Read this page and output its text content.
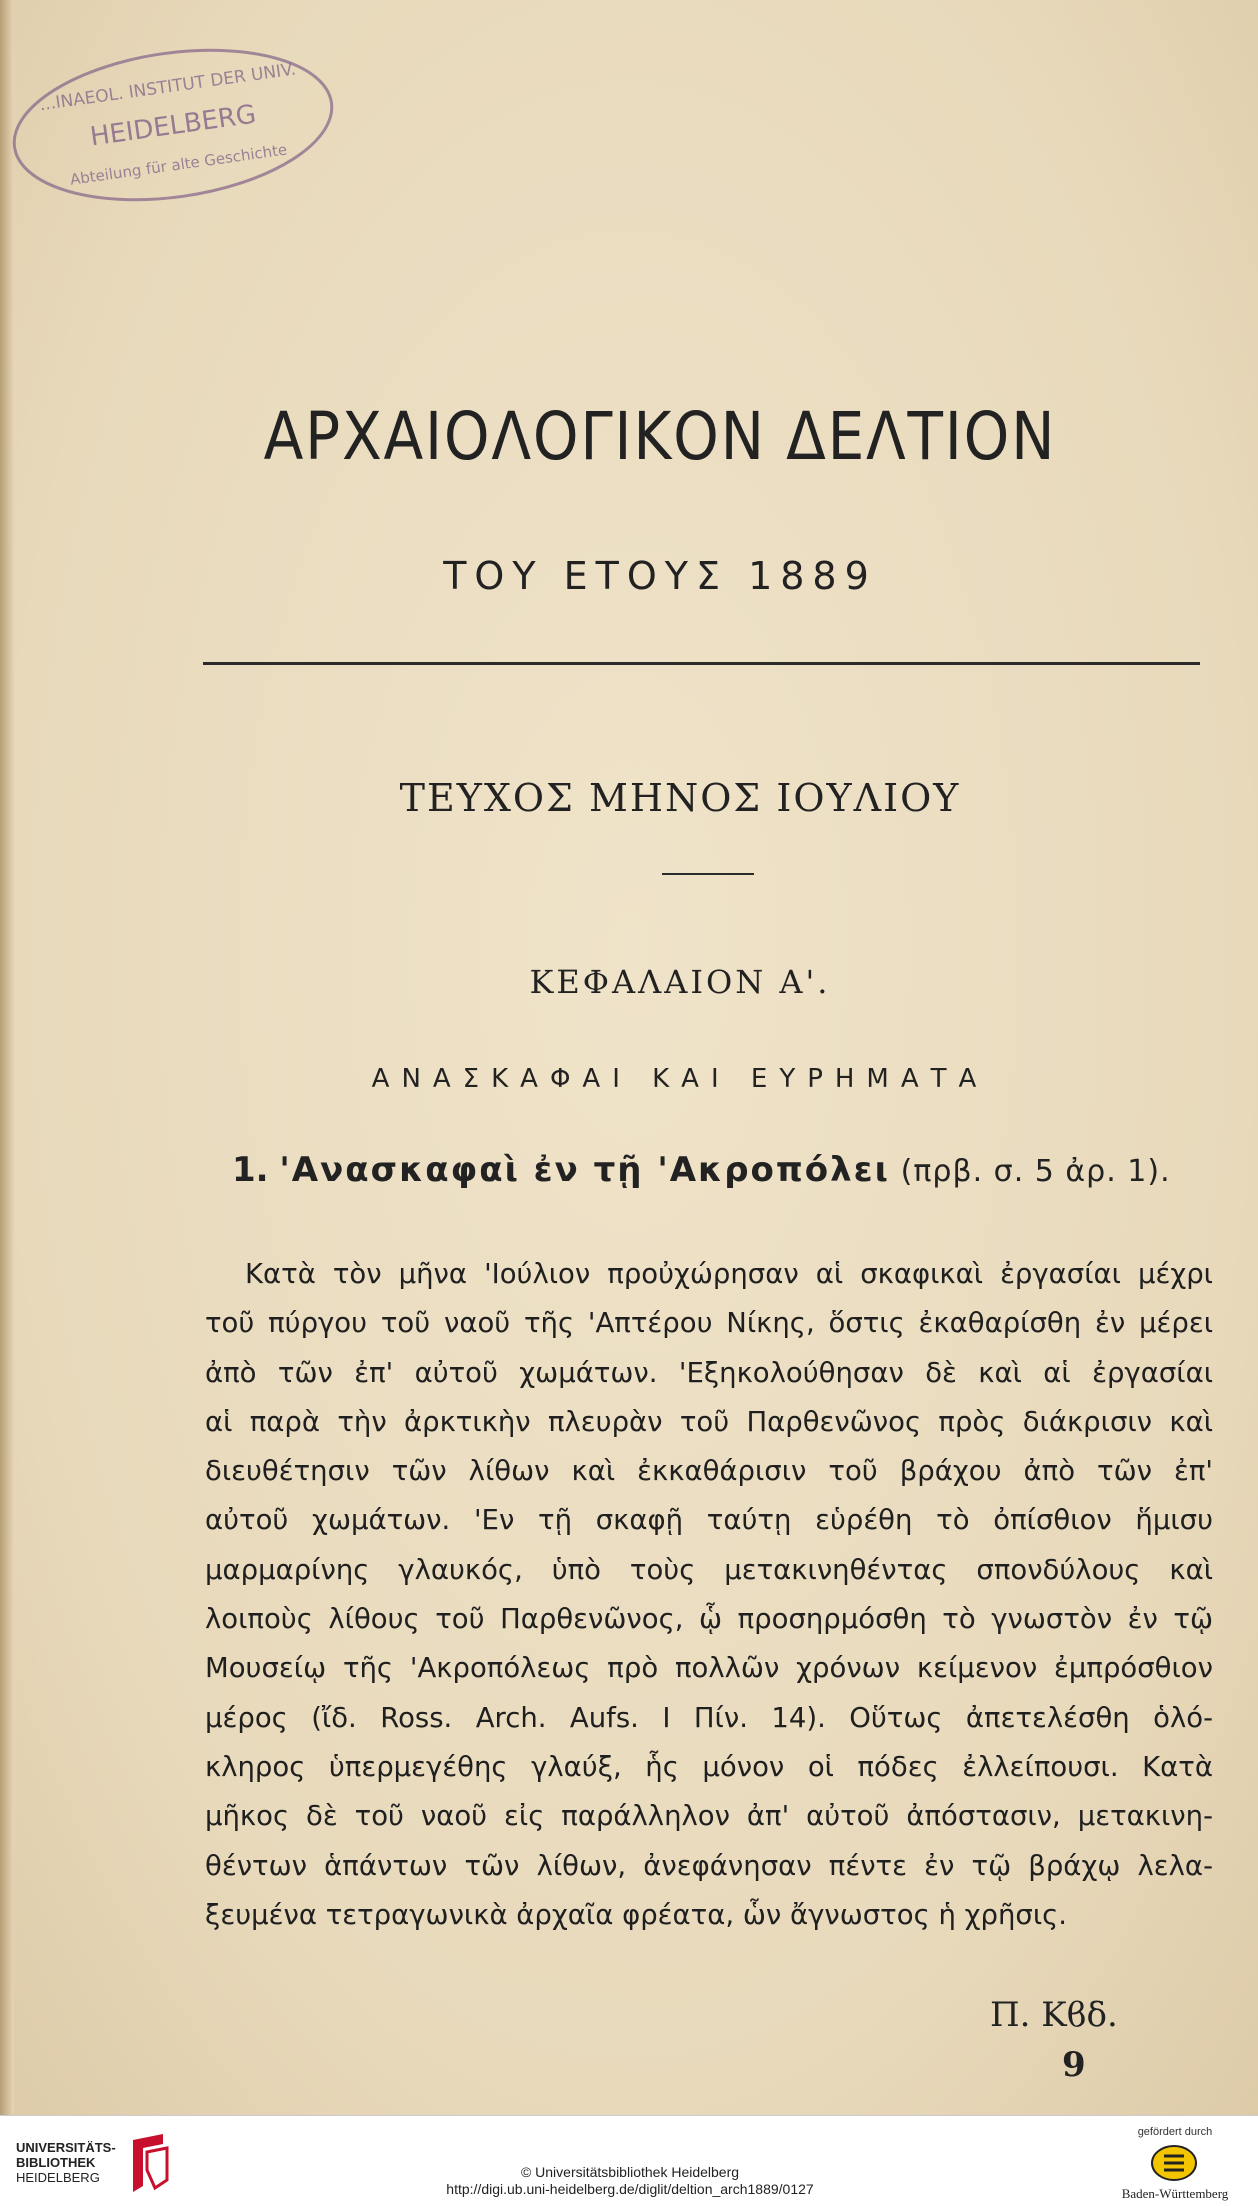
...INAEOL. INSTITUT DER UNIV.
HEIDELBERG
Abteilung für alte Geschichte
ΑΡΧΑΙΟΛΟΓΙΚΟΝ ΔΕΛΤΙΟΝ
ΤΟΥ ΕΤΟΥΣ 1889
ΤΕΥΧΟΣ ΜΗΝΟΣ ΙΟΥΛΙΟΥ
ΚΕΦΑΛΑΙΟΝ Α'.
ΑΝΑΣΚΑΦΑΙ ΚΑΙ ΕΥΡΗΜΑΤΑ
1. 'Ανασκαφαὶ ἐν τῇ 'Ακροπόλει (πρβ. σ. 5 ἀρ. 1).
Κατὰ τὸν μῆνα 'Ιούλιον προὐχώρησαν αἱ σκαφικαὶ ἐργασίαι μέχρι
τοῦ πύργου τοῦ ναοῦ τῆς 'Απτέρου Νίκης, ὅστις ἐκαθαρίσθη ἐν μέρει
ἀπὸ τῶν ἐπ' αὐτοῦ χωμάτων. 'Εξηκολούθησαν δὲ καὶ αἱ ἐργασίαι
αἱ παρὰ τὴν ἀρκτικὴν πλευρὰν τοῦ Παρθενῶνος πρὸς διάκρισιν καὶ
διευθέτησιν τῶν λίθων καὶ ἐκκαθάρισιν τοῦ βράχου ἀπὸ τῶν ἐπ'
αὐτοῦ χωμάτων. 'Εν τῇ σκαφῇ ταύτῃ εὑρέθη τὸ ὀπίσθιον ἥμισυ
μαρμαρίνης γλαυκός, ὑπὸ τοὺς μετακινηθέντας σπονδύλους καὶ
λοιποὺς λίθους τοῦ Παρθενῶνος, ᾧ προσηρμόσθη τὸ γνωστὸν ἐν τῷ
Μουσείῳ τῆς 'Ακροπόλεως πρὸ πολλῶν χρόνων κείμενον ἐμπρόσθιον
μέρος (ἴδ. Ross. Arch. Aufs. I Πίν. 14). Οὕτως ἀπετελέσθη ὁλό-
κληρος ὑπερμεγέθης γλαύξ, ἧς μόνον οἱ πόδες ἐλλείπουσι. Κατὰ
μῆκος δὲ τοῦ ναοῦ εἰς παράλληλον ἀπ' αὐτοῦ ἀπόστασιν, μετακινη-
θέντων ἁπάντων τῶν λίθων, ἀνεφάνησαν πέντε ἐν τῷ βράχῳ λελα-
ξευμένα τετραγωνικὰ ἀρχαῖα φρέατα, ὧν ἄγνωστος ἡ χρῆσις.
Π. Κϐδ.
9
UNIVERSITÄTS-
BIBLIOTHEK
HEIDELBERG	© Universitätsbibliothek Heidelberg
http://digi.ub.uni-heidelberg.de/diglit/deltion_arch1889/0127
gefördert durch
Baden-Württemberg
